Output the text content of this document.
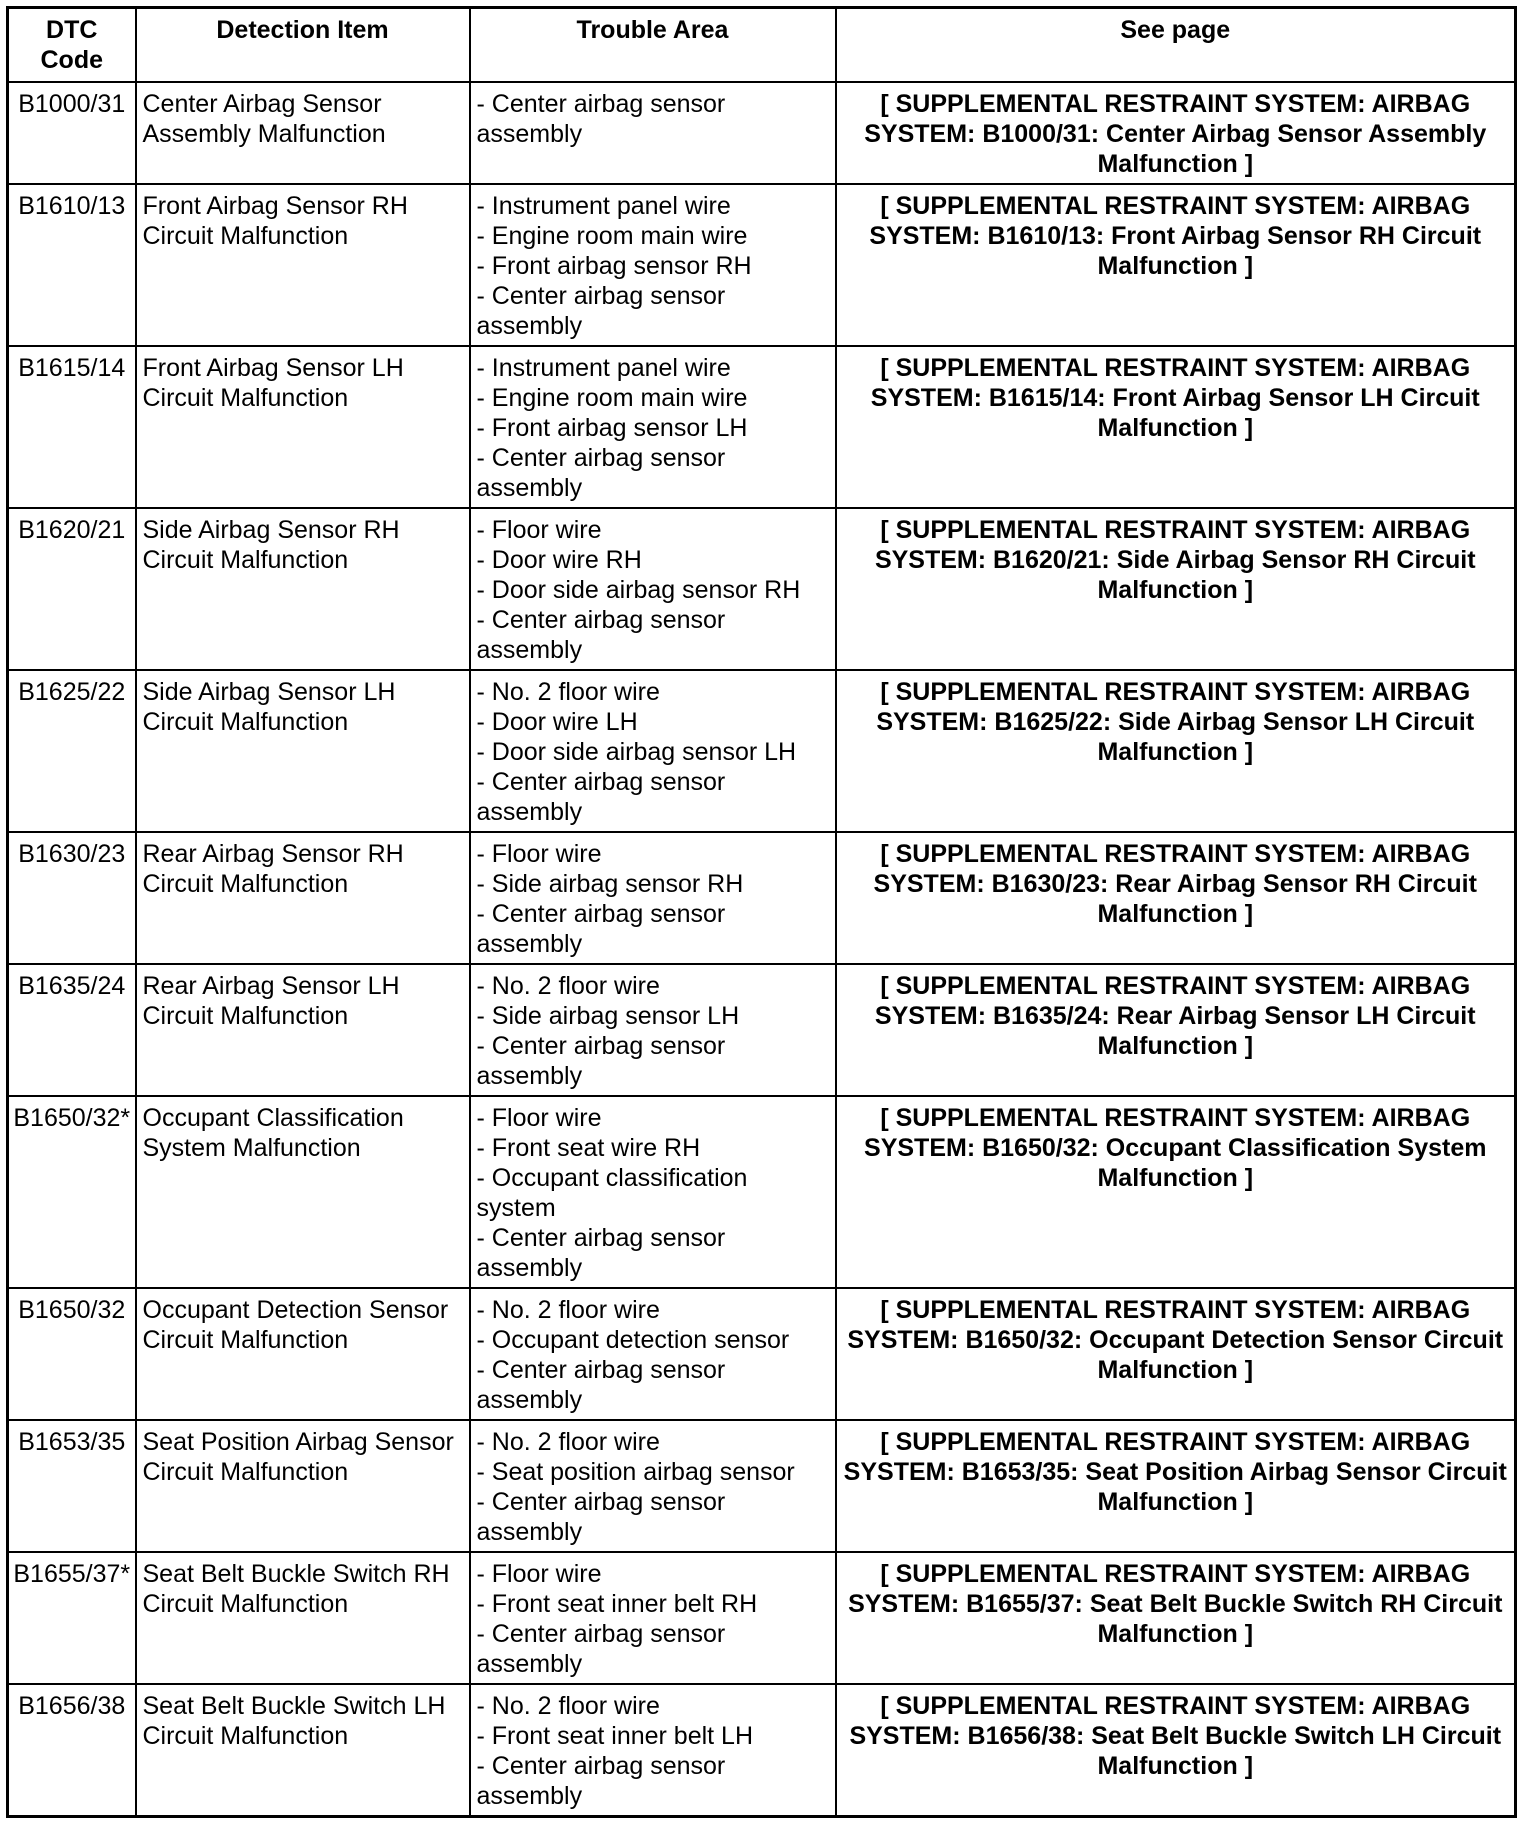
DTC Code	Detection Item	Trouble Area	See page
B1000/31	Center Airbag Sensor Assembly Malfunction	- Center airbag sensor assembly	[ SUPPLEMENTAL RESTRAINT SYSTEM: AIRBAG SYSTEM: B1000/31: Center Airbag Sensor Assembly Malfunction ]
B1610/13	Front Airbag Sensor RH Circuit Malfunction	- Instrument panel wire
- Engine room main wire
- Front airbag sensor RH
- Center airbag sensor assembly	[ SUPPLEMENTAL RESTRAINT SYSTEM: AIRBAG SYSTEM: B1610/13: Front Airbag Sensor RH Circuit Malfunction ]
B1615/14	Front Airbag Sensor LH Circuit Malfunction	- Instrument panel wire
- Engine room main wire
- Front airbag sensor LH
- Center airbag sensor assembly	[ SUPPLEMENTAL RESTRAINT SYSTEM: AIRBAG SYSTEM: B1615/14: Front Airbag Sensor LH Circuit Malfunction ]
B1620/21	Side Airbag Sensor RH Circuit Malfunction	- Floor wire
- Door wire RH
- Door side airbag sensor RH
- Center airbag sensor assembly	[ SUPPLEMENTAL RESTRAINT SYSTEM: AIRBAG SYSTEM: B1620/21: Side Airbag Sensor RH Circuit Malfunction ]
B1625/22	Side Airbag Sensor LH Circuit Malfunction	- No. 2 floor wire
- Door wire LH
- Door side airbag sensor LH
- Center airbag sensor assembly	[ SUPPLEMENTAL RESTRAINT SYSTEM: AIRBAG SYSTEM: B1625/22: Side Airbag Sensor LH Circuit Malfunction ]
B1630/23	Rear Airbag Sensor RH Circuit Malfunction	- Floor wire
- Side airbag sensor RH
- Center airbag sensor assembly	[ SUPPLEMENTAL RESTRAINT SYSTEM: AIRBAG SYSTEM: B1630/23: Rear Airbag Sensor RH Circuit Malfunction ]
B1635/24	Rear Airbag Sensor LH Circuit Malfunction	- No. 2 floor wire
- Side airbag sensor LH
- Center airbag sensor assembly	[ SUPPLEMENTAL RESTRAINT SYSTEM: AIRBAG SYSTEM: B1635/24: Rear Airbag Sensor LH Circuit Malfunction ]
B1650/32*	Occupant Classification System Malfunction	- Floor wire
- Front seat wire RH
- Occupant classification system
- Center airbag sensor assembly	[ SUPPLEMENTAL RESTRAINT SYSTEM: AIRBAG SYSTEM: B1650/32: Occupant Classification System Malfunction ]
B1650/32	Occupant Detection Sensor Circuit Malfunction	- No. 2 floor wire
- Occupant detection sensor
- Center airbag sensor assembly	[ SUPPLEMENTAL RESTRAINT SYSTEM: AIRBAG SYSTEM: B1650/32: Occupant Detection Sensor Circuit Malfunction ]
B1653/35	Seat Position Airbag Sensor Circuit Malfunction	- No. 2 floor wire
- Seat position airbag sensor
- Center airbag sensor assembly	[ SUPPLEMENTAL RESTRAINT SYSTEM: AIRBAG SYSTEM: B1653/35: Seat Position Airbag Sensor Circuit Malfunction ]
B1655/37*	Seat Belt Buckle Switch RH Circuit Malfunction	- Floor wire
- Front seat inner belt RH
- Center airbag sensor assembly	[ SUPPLEMENTAL RESTRAINT SYSTEM: AIRBAG SYSTEM: B1655/37: Seat Belt Buckle Switch RH Circuit Malfunction ]
B1656/38	Seat Belt Buckle Switch LH Circuit Malfunction	- No. 2 floor wire
- Front seat inner belt LH
- Center airbag sensor assembly	[ SUPPLEMENTAL RESTRAINT SYSTEM: AIRBAG SYSTEM: B1656/38: Seat Belt Buckle Switch LH Circuit Malfunction ]
